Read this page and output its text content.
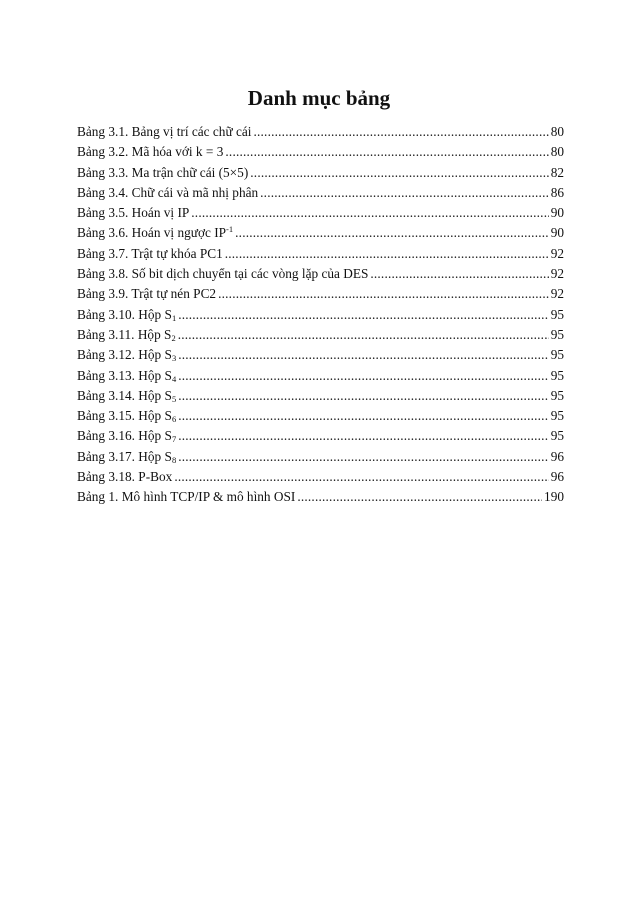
Danh mục bảng
Bảng 3.1. Bảng vị trí các chữ cái .....	80
Bảng 3.2. Mã hóa với k = 3 .....	80
Bảng 3.3. Ma trận chữ cái (5×5) .....	82
Bảng 3.4. Chữ cái và mã nhị phân .....	86
Bảng 3.5. Hoán vị IP .....	90
Bảng 3.6. Hoán vị ngược $IP^{-1}$ .....	90
Bảng 3.7. Trật tự khóa PC1 .....	92
Bảng 3.8. Số bit dịch chuyển tại các vòng lặp của DES .....	92
Bảng 3.9. Trật tự nén PC2 .....	92
Bảng 3.10. Hộp $S_1$ .....	95
Bảng 3.11. Hộp $S_2$ .....	95
Bảng 3.12. Hộp $S_3$ .....	95
Bảng 3.13. Hộp $S_4$ .....	95
Bảng 3.14. Hộp $S_5$ .....	95
Bảng 3.15. Hộp $S_6$ .....	95
Bảng 3.16. Hộp $S_7$ .....	95
Bảng 3.17. Hộp $S_8$ .....	96
Bảng 3.18. P-Box .....	96
Bảng 1. Mô hình TCP/IP & mô hình OSI .....	190
